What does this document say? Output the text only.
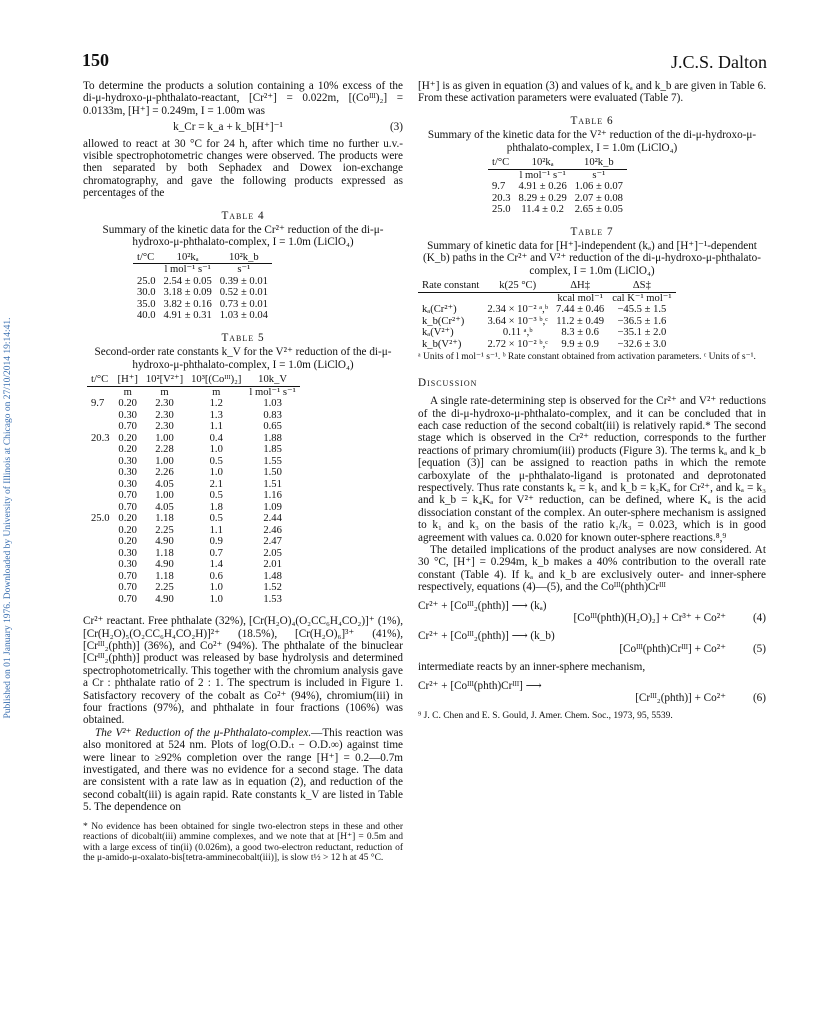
Published on 01 January 1976. Downloaded by University of Illinois at Chicago on 27/10/2014 19:14:41.
150	J.C.S. Dalton

To determine the products a solution containing a 10% excess of the di-μ-hydroxo-μ-phthalato-reactant, [Cr²⁺] = 0.022m, [(Coᴵᴵᴵ)₂] = 0.0133m, [H⁺] = 0.249m, I = 1.00m was

k_Cr = k_a + k_b[H⁺]⁻¹	(3)

allowed to react at 30 °C for 24 h, after which time no further u.v.-visible spectrophotometric changes were observed. The products were then separated by both Sephadex and Dowex ion-exchange chromatography, and gave the following products expressed as percentages of the

Table 4
Summary of the kinetic data for the Cr²⁺ reduction of the di-μ-hydroxo-μ-phthalato-complex, I = 1.0m (LiClO₄)
t/°C	10²kₐ	10²k_b
	l mol⁻¹ s⁻¹	s⁻¹
25.0	2.54 ± 0.05	0.39 ± 0.01
30.0	3.18 ± 0.09	0.52 ± 0.01
35.0	3.82 ± 0.16	0.73 ± 0.01
40.0	4.91 ± 0.31	1.03 ± 0.04
Table 5
Second-order rate constants k_V for the V²⁺ reduction of the di-μ-hydroxo-μ-phthalato-complex, I = 1.0m (LiClO₄)
t/°C	[H⁺]	10²[V²⁺]	10³[(Coᴵᴵᴵ)₂]	10k_V
	m	m	m	l mol⁻¹ s⁻¹
9.7	0.20	2.30	1.2	1.03
	0.30	2.30	1.3	0.83
	0.70	2.30	1.1	0.65
20.3	0.20	1.00	0.4	1.88
	0.20	2.28	1.0	1.85
	0.30	1.00	0.5	1.55
	0.30	2.26	1.0	1.50
	0.30	4.05	2.1	1.51
	0.70	1.00	0.5	1.16
	0.70	4.05	1.8	1.09
25.0	0.20	1.18	0.5	2.44
	0.20	2.25	1.1	2.46
	0.20	4.90	0.9	2.47
	0.30	1.18	0.7	2.05
	0.30	4.90	1.4	2.01
	0.70	1.18	0.6	1.48
	0.70	2.25	1.0	1.52
	0.70	4.90	1.0	1.53

Cr²⁺ reactant. Free phthalate (32%), [Cr(H₂O)₄(O₂CC₆H₄CO₂)]⁺ (1%), [Cr(H₂O)₅(O₂CC₆H₄CO₂H)]²⁺ (18.5%), [Cr(H₂O)₆]³⁺ (41%), [Crᴵᴵᴵ₂(phth)] (36%), and Co²⁺ (94%). The phthalate of the binuclear [Crᴵᴵᴵ₂(phth)] product was released by base hydrolysis and determined spectrophotometrically. This together with the chromium analysis gave a Cr : phthalate ratio of 2 : 1. The spectrum is included in Figure 1. Satisfactory recovery of the cobalt as Co²⁺ (94%), chromium(iii) in four fractions (97%), and phthalate in four fractions (106%) was obtained.

The V²⁺ Reduction of the μ-Phthalato-complex.—This reaction was also monitored at 524 nm. Plots of log(O.D.ₜ − O.D.∞) against time were linear to ≥92% completion over the range [H⁺] = 0.2—0.7m investigated, and there was no evidence for a second stage. The data are consistent with a rate law as in equation (2), and reduction of the second cobalt(iii) is again rapid. Rate constants k_V are listed in Table 5. The dependence on

* No evidence has been obtained for single two-electron steps in these and other reactions of dicobalt(iii) ammine complexes, and we note that at [H⁺] = 0.5m and with a large excess of tin(ii) (0.026m), a good two-electron reductant, reduction of the μ-amido-μ-oxalato-bis[tetra-amminecobalt(iii)], is slow t½ > 12 h at 45 °C.

[H⁺] is as given in equation (3) and values of kₐ and k_b are given in Table 6. From these activation parameters were evaluated (Table 7).

Table 6
Summary of the kinetic data for the V²⁺ reduction of the di-μ-hydroxo-μ-phthalato-complex, I = 1.0m (LiClO₄)
t/°C	10²kₐ	10²k_b
	l mol⁻¹ s⁻¹	s⁻¹
9.7	4.91 ± 0.26	1.06 ± 0.07
20.3	8.29 ± 0.29	2.07 ± 0.08
25.0	11.4 ± 0.2	2.65 ± 0.05
Table 7
Summary of kinetic data for [H⁺]-independent (kₐ) and [H⁺]⁻¹-dependent (K_b) paths in the Cr²⁺ and V²⁺ reduction of the di-μ-hydroxo-μ-phthalato-complex, I = 1.0m (LiClO₄)
Rate constant	k(25 °C)	ΔH‡	ΔS‡
		kcal mol⁻¹	cal K⁻¹ mol⁻¹
kₐ(Cr²⁺)	2.34 × 10⁻² ᵃ,ᵇ	7.44 ± 0.46	−45.5 ± 1.5
k_b(Cr²⁺)	3.64 × 10⁻³ ᵇ,ᶜ	11.2 ± 0.49	−36.5 ± 1.6
kₐ(V²⁺)	0.11 ᵃ,ᵇ	8.3 ± 0.6	−35.1 ± 2.0
k_b(V²⁺)	2.72 × 10⁻² ᵇ,ᶜ	9.9 ± 0.9	−32.6 ± 3.0
ᵃ Units of l mol⁻¹ s⁻¹. ᵇ Rate constant obtained from activation parameters. ᶜ Units of s⁻¹.
Discussion

A single rate-determining step is observed for the Cr²⁺ and V²⁺ reductions of the di-μ-hydroxo-μ-phthalato-complex, and it can be concluded that in each case reduction of the second cobalt(iii) is relatively rapid.* The second stage which is observed in the Cr²⁺ reduction, corresponds to the further reactions of primary chromium(iii) products (Figure 3). The terms kₐ and k_b [equation (3)] can be assigned to reaction paths in which the remote carboxylate of the μ-phthalato-ligand is protonated and deprotonated respectively. Thus rate constants kₐ = k₁ and k_b = k₂Kₐ for Cr²⁺, and kₐ = k₃ and k_b = k₄Kₐ for V²⁺ reduction, can be defined, where Kₐ is the acid dissociation constant of the complex. An outer-sphere mechanism is assigned to k₁ and k₃ on the basis of the ratio k₁/k₃ = 0.023, which is in good agreement with values ca. 0.020 for known outer-sphere reactions.⁸,⁹

The detailed implications of the product analyses are now considered. At 30 °C, [H⁺] = 0.294m, k_b makes a 40% contribution to the overall rate constant (Table 4). If kₐ and k_b are exclusively outer- and inner-sphere respectively, equations (4)—(5), and the Coᴵᴵᴵ(phth)Crᴵᴵᴵ

Cr²⁺ + [Coᴵᴵᴵ₂(phth)] ⟶ (kₐ)
[Coᴵᴵᴵ(phth)(H₂O)₂] + Cr³⁺ + Co²⁺	(4)
Cr²⁺ + [Coᴵᴵᴵ₂(phth)] ⟶ (k_b)
[Coᴵᴵᴵ(phth)Crᴵᴵᴵ] + Co²⁺	(5)

intermediate reacts by an inner-sphere mechanism,

Cr²⁺ + [Coᴵᴵᴵ(phth)Crᴵᴵᴵ] ⟶
[Crᴵᴵᴵ₂(phth)] + Co²⁺	(6)
⁹ J. C. Chen and E. S. Gould, J. Amer. Chem. Soc., 1973, 95, 5539.
